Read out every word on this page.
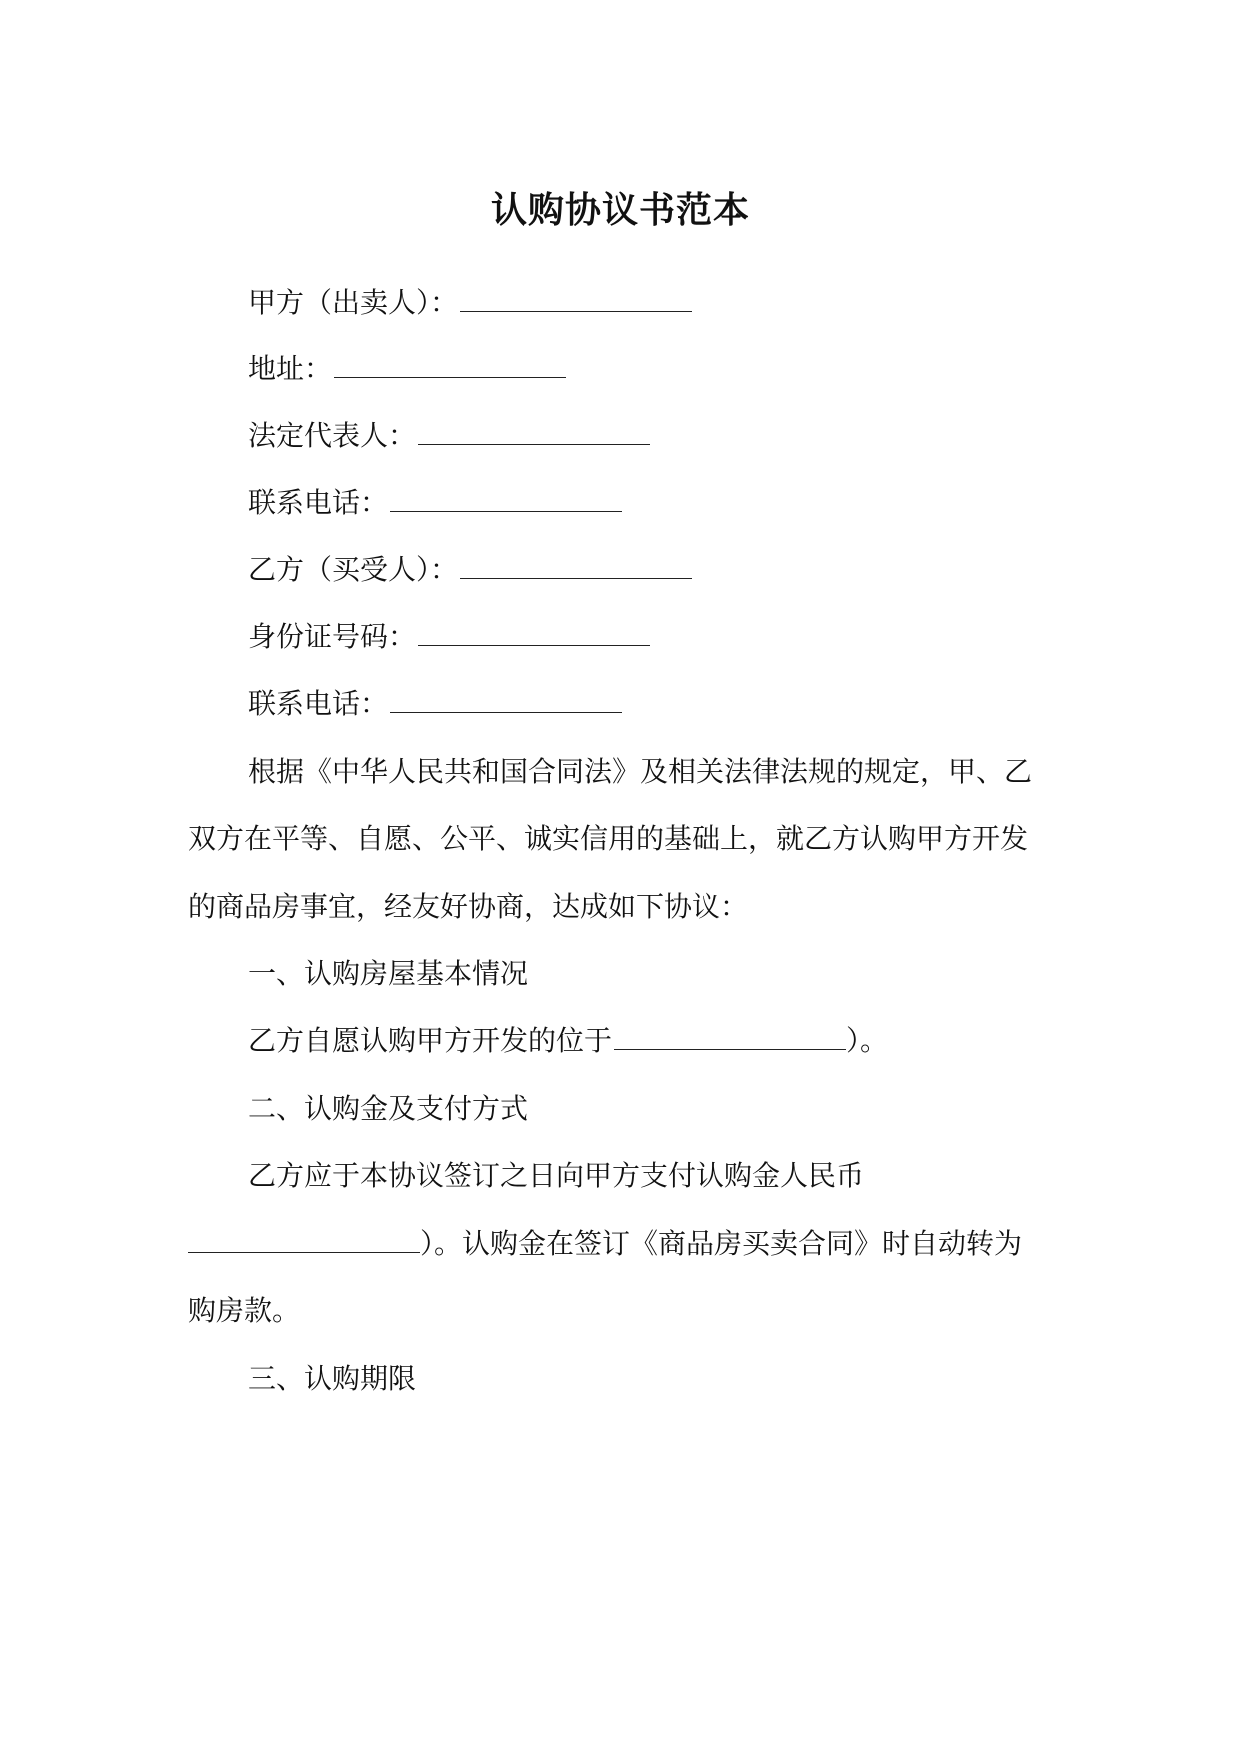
认购协议书范本
甲方（出卖人）：
地址：
法定代表人：
联系电话：
乙方（买受人）：
身份证号码：
联系电话：
根据《中华人民共和国合同法》及相关法律法规的规定，甲、乙
双方在平等、自愿、公平、诚实信用的基础上，就乙方认购甲方开发
的商品房事宜，经友好协商，达成如下协议：
一、认购房屋基本情况
乙方自愿认购甲方开发的位于	）。
二、认购金及支付方式
乙方应于本协议签订之日向甲方支付认购金人民币
）。认购金在签订《商品房买卖合同》时自动转为
购房款。
三、认购期限
